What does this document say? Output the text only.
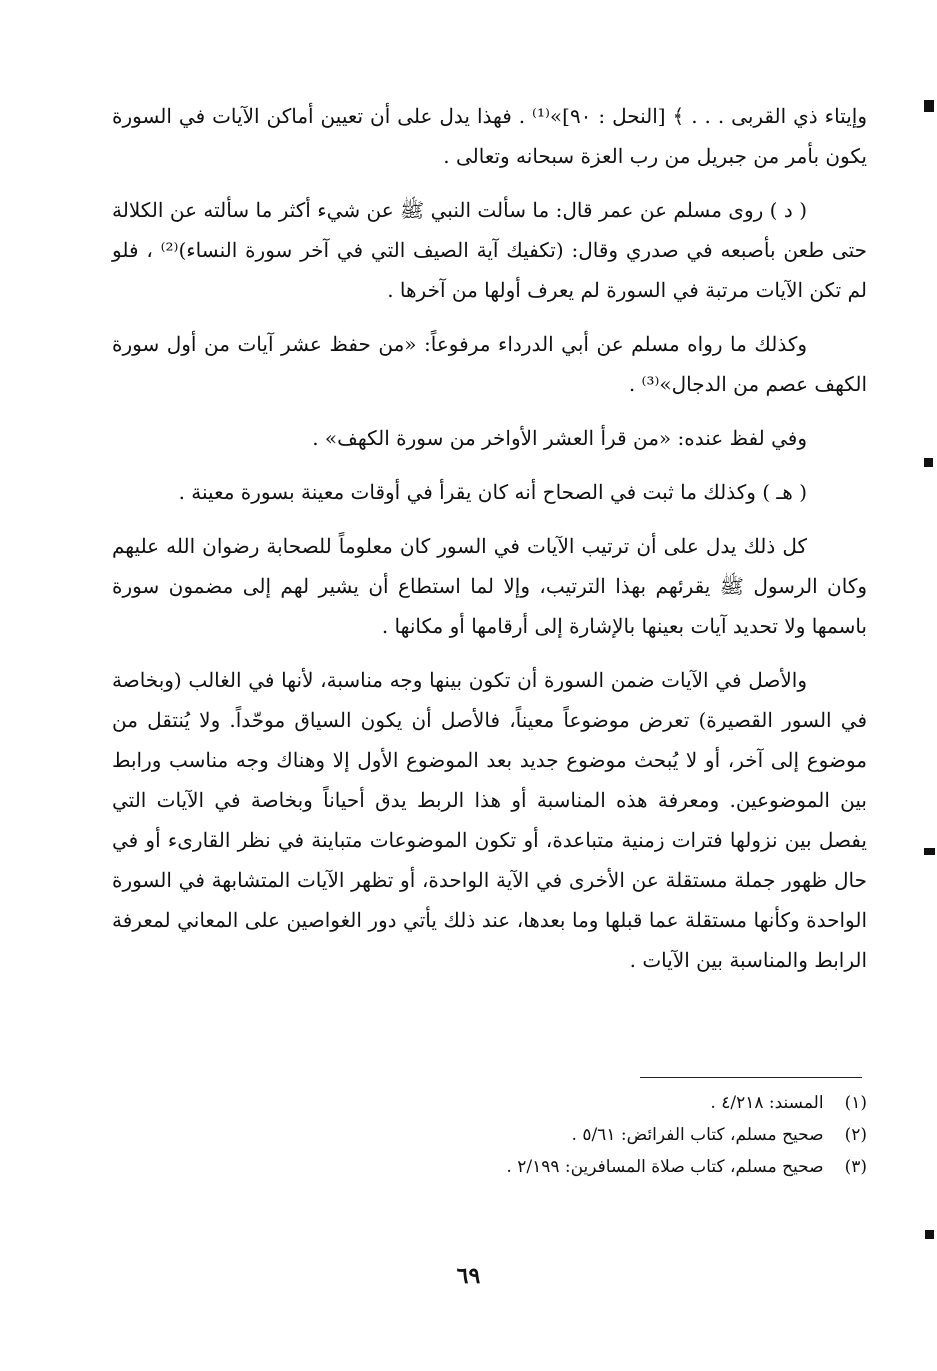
وإيتاء ذي القربى . . . ﴾ [النحل : ٩٠]»⁽¹⁾ . فهذا يدل على أن تعيين أماكن الآيات في السورة يكون بأمر من جبريل من رب العزة سبحانه وتعالى .

( د ) روى مسلم عن عمر قال: ما سألت النبي ﷺ عن شيء أكثر ما سألته عن الكلالة حتى طعن بأصبعه في صدري وقال: (تكفيك آية الصيف التي في آخر سورة النساء)⁽²⁾ ، فلو لم تكن الآيات مرتبة في السورة لم يعرف أولها من آخرها .

وكذلك ما رواه مسلم عن أبي الدرداء مرفوعاً: «من حفظ عشر آيات من أول سورة الكهف عصم من الدجال»⁽³⁾ .

وفي لفظ عنده: «من قرأ العشر الأواخر من سورة الكهف» .

( هـ ) وكذلك ما ثبت في الصحاح أنه كان يقرأ في أوقات معينة بسورة معينة .

كل ذلك يدل على أن ترتيب الآيات في السور كان معلوماً للصحابة رضوان الله عليهم وكان الرسول ﷺ يقرئهم بهذا الترتيب، وإلا لما استطاع أن يشير لهم إلى مضمون سورة باسمها ولا تحديد آيات بعينها بالإشارة إلى أرقامها أو مكانها .

والأصل في الآيات ضمن السورة أن تكون بينها وجه مناسبة، لأنها في الغالب (وبخاصة في السور القصيرة) تعرض موضوعاً معيناً، فالأصل أن يكون السياق موحّداً. ولا يُنتقل من موضوع إلى آخر، أو لا يُبحث موضوع جديد بعد الموضوع الأول إلا وهناك وجه مناسب ورابط بين الموضوعين. ومعرفة هذه المناسبة أو هذا الربط يدق أحياناً وبخاصة في الآيات التي يفصل بين نزولها فترات زمنية متباعدة، أو تكون الموضوعات متباينة في نظر القارىء أو في حال ظهور جملة مستقلة عن الأخرى في الآية الواحدة، أو تظهر الآيات المتشابهة في السورة الواحدة وكأنها مستقلة عما قبلها وما بعدها، عند ذلك يأتي دور الغواصين على المعاني لمعرفة الرابط والمناسبة بين الآيات .

(١) المسند: ٤/٢١٨ .

(٢) صحيح مسلم، كتاب الفرائض: ٥/٦١ .

(٣) صحيح مسلم، كتاب صلاة المسافرين: ٢/١٩٩ .

٦٩
